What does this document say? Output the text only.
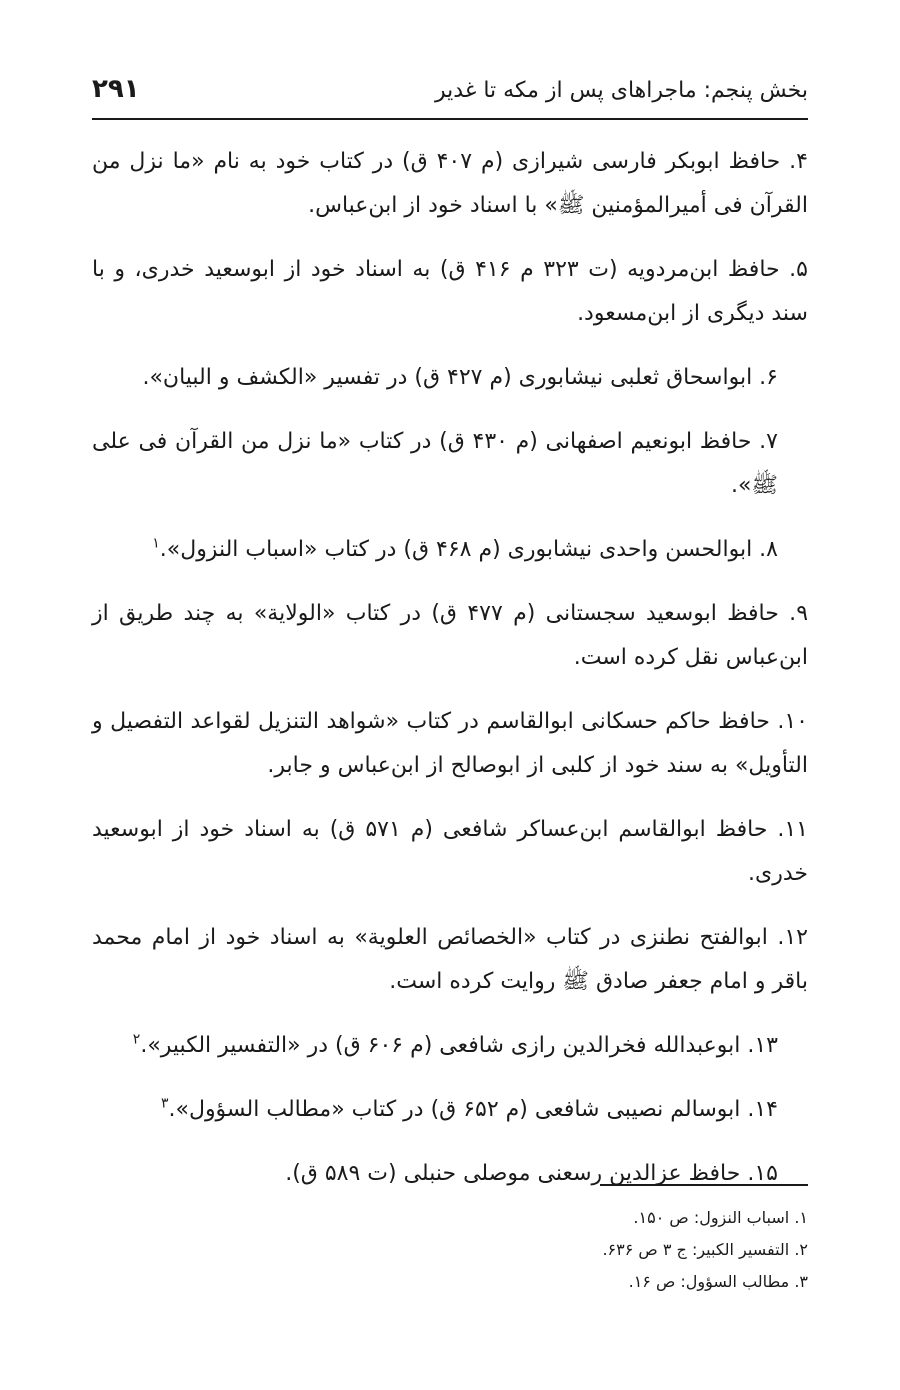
بخش پنجم: ماجراهای پس از مکه تا غدیر
۲۹۱

۴. حافظ ابوبکر فارسی شیرازی (م ۴۰۷ ق) در کتاب خود به نام «ما نزل من القرآن فی أمیرالمؤمنین ﷺ» با اسناد خود از ابن‌عباس.

۵. حافظ ابن‌مردویه (ت ۳۲۳ م ۴۱۶ ق) به اسناد خود از ابوسعید خدری، و با سند دیگری از ابن‌مسعود.

۶. ابواسحاق ثعلبی نیشابوری (م ۴۲۷ ق) در تفسیر «الکشف و البیان».

۷. حافظ ابونعیم اصفهانی (م ۴۳۰ ق) در کتاب «ما نزل من القرآن فی علی ﷺ».

۸. ابوالحسن واحدی نیشابوری (م ۴۶۸ ق) در کتاب «اسباب النزول».$^۱$

۹. حافظ ابوسعید سجستانی (م ۴۷۷ ق) در کتاب «الولایة» به چند طریق از ابن‌عباس نقل کرده است.

۱۰. حافظ حاکم حسکانی ابوالقاسم در کتاب «شواهد التنزیل لقواعد التفصیل و التأویل» به سند خود از کلبی از ابوصالح از ابن‌عباس و جابر.

۱۱. حافظ ابوالقاسم ابن‌عساکر شافعی (م ۵۷۱ ق) به اسناد خود از ابوسعید خدری.

۱۲. ابوالفتح نطنزی در کتاب «الخصائص العلویة» به اسناد خود از امام محمد باقر و امام جعفر صادق ﷺ روایت کرده است.

۱۳. ابوعبدالله فخرالدین رازی شافعی (م ۶۰۶ ق) در «التفسیر الکبیر».$^۲$

۱۴. ابوسالم نصیبی شافعی (م ۶۵۲ ق) در کتاب «مطالب السؤول».$^۳$

۱۵. حافظ عزالدین رسعنی موصلی حنبلی (ت ۵۸۹ ق).

۱. اسباب النزول: ص ۱۵۰.
۲. التفسیر الکبیر: ج ۳ ص ۶۳۶.
۳. مطالب السؤول: ص ۱۶.
